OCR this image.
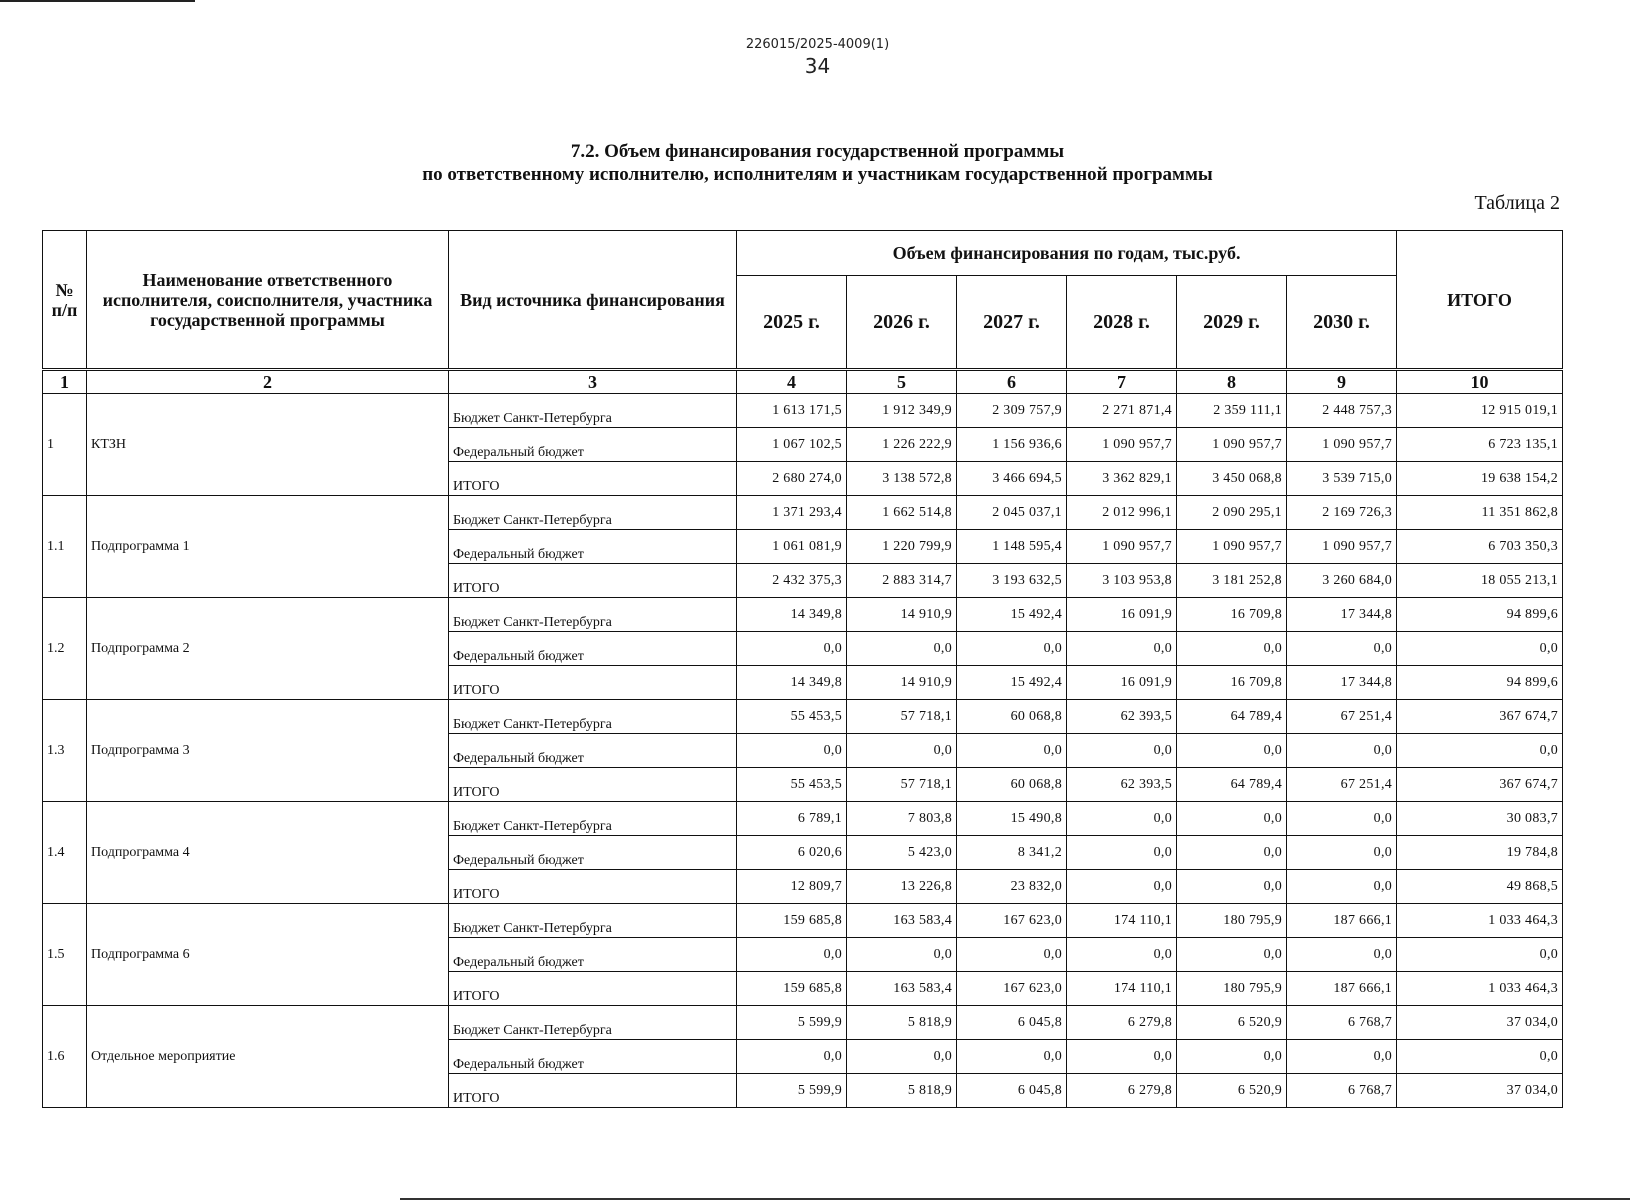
226015/2025-4009(1)
34
7.2. Объем финансирования государственной программы
по ответственному исполнителю, исполнителям и участникам государственной программы
Таблица 2
№ п/п	Наименование ответственного исполнителя, соисполнителя, участника государственной программы	Вид источника финансирования	Объем финансирования по годам, тыс.руб.						ИТОГО
			2025 г.	2026 г.	2027 г.	2028 г.	2029 г.	2030 г.	
1	2	3	4	5	6	7	8	9	10
1	КТЗН	Бюджет Санкт-Петербурга	1 613 171,5	1 912 349,9	2 309 757,9	2 271 871,4	2 359 111,1	2 448 757,3	12 915 019,1
		Федеральный бюджет	1 067 102,5	1 226 222,9	1 156 936,6	1 090 957,7	1 090 957,7	1 090 957,7	6 723 135,1
		ИТОГО	2 680 274,0	3 138 572,8	3 466 694,5	3 362 829,1	3 450 068,8	3 539 715,0	19 638 154,2
1.1	Подпрограмма 1	Бюджет Санкт-Петербурга	1 371 293,4	1 662 514,8	2 045 037,1	2 012 996,1	2 090 295,1	2 169 726,3	11 351 862,8
		Федеральный бюджет	1 061 081,9	1 220 799,9	1 148 595,4	1 090 957,7	1 090 957,7	1 090 957,7	6 703 350,3
		ИТОГО	2 432 375,3	2 883 314,7	3 193 632,5	3 103 953,8	3 181 252,8	3 260 684,0	18 055 213,1
1.2	Подпрограмма 2	Бюджет Санкт-Петербурга	14 349,8	14 910,9	15 492,4	16 091,9	16 709,8	17 344,8	94 899,6
		Федеральный бюджет	0,0	0,0	0,0	0,0	0,0	0,0	0,0
		ИТОГО	14 349,8	14 910,9	15 492,4	16 091,9	16 709,8	17 344,8	94 899,6
1.3	Подпрограмма 3	Бюджет Санкт-Петербурга	55 453,5	57 718,1	60 068,8	62 393,5	64 789,4	67 251,4	367 674,7
		Федеральный бюджет	0,0	0,0	0,0	0,0	0,0	0,0	0,0
		ИТОГО	55 453,5	57 718,1	60 068,8	62 393,5	64 789,4	67 251,4	367 674,7
1.4	Подпрограмма 4	Бюджет Санкт-Петербурга	6 789,1	7 803,8	15 490,8	0,0	0,0	0,0	30 083,7
		Федеральный бюджет	6 020,6	5 423,0	8 341,2	0,0	0,0	0,0	19 784,8
		ИТОГО	12 809,7	13 226,8	23 832,0	0,0	0,0	0,0	49 868,5
1.5	Подпрограмма 6	Бюджет Санкт-Петербурга	159 685,8	163 583,4	167 623,0	174 110,1	180 795,9	187 666,1	1 033 464,3
		Федеральный бюджет	0,0	0,0	0,0	0,0	0,0	0,0	0,0
		ИТОГО	159 685,8	163 583,4	167 623,0	174 110,1	180 795,9	187 666,1	1 033 464,3
1.6	Отдельное мероприятие	Бюджет Санкт-Петербурга	5 599,9	5 818,9	6 045,8	6 279,8	6 520,9	6 768,7	37 034,0
		Федеральный бюджет	0,0	0,0	0,0	0,0	0,0	0,0	0,0
		ИТОГО	5 599,9	5 818,9	6 045,8	6 279,8	6 520,9	6 768,7	37 034,0
